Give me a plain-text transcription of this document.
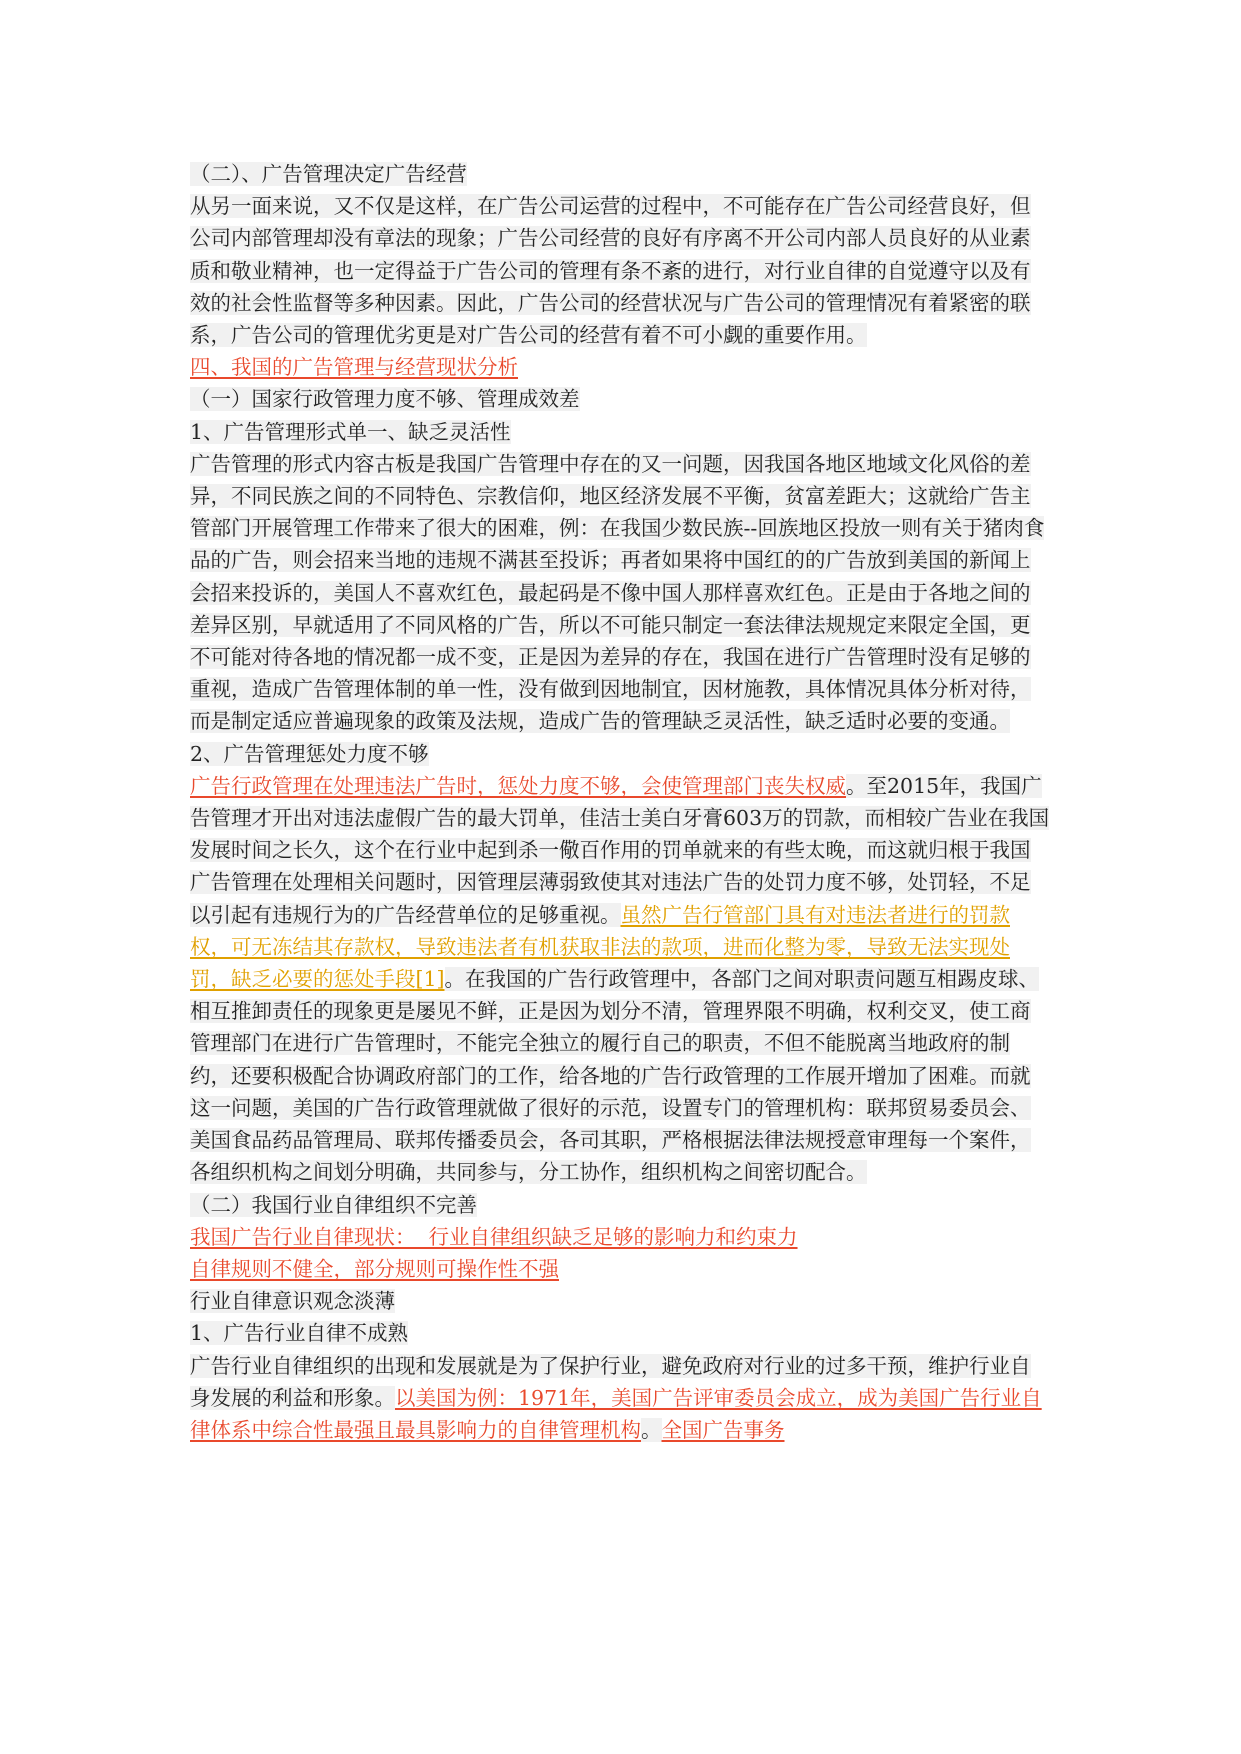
（二）、广告管理决定广告经营

从另一面来说，又不仅是这样，在广告公司运营的过程中，不可能存在广告公司经营良好，但公司内部管理却没有章法的现象；广告公司经营的良好有序离不开公司内部人员良好的从业素质和敬业精神，也一定得益于广告公司的管理有条不紊的进行，对行业自律的自觉遵守以及有效的社会性监督等多种因素。因此，广告公司的经营状况与广告公司的管理情况有着紧密的联系，广告公司的管理优劣更是对广告公司的经营有着不可小觑的重要作用。

四、我国的广告管理与经营现状分析

（一）国家行政管理力度不够、管理成效差

1、广告管理形式单一、缺乏灵活性

广告管理的形式内容古板是我国广告管理中存在的又一问题，因我国各地区地域文化风俗的差异，不同民族之间的不同特色、宗教信仰，地区经济发展不平衡，贫富差距大；这就给广告主管部门开展管理工作带来了很大的困难，例：在我国少数民族--回族地区投放一则有关于猪肉食品的广告，则会招来当地的违规不满甚至投诉；再者如果将中国红的的广告放到美国的新闻上会招来投诉的，美国人不喜欢红色，最起码是不像中国人那样喜欢红色。正是由于各地之间的差异区别，早就适用了不同风格的广告，所以不可能只制定一套法律法规规定来限定全国，更不可能对待各地的情况都一成不变，正是因为差异的存在，我国在进行广告管理时没有足够的重视，造成广告管理体制的单一性，没有做到因地制宜，因材施教，具体情况具体分析对待，而是制定适应普遍现象的政策及法规，造成广告的管理缺乏灵活性，缺乏适时必要的变通。

2、广告管理惩处力度不够

广告行政管理在处理违法广告时，惩处力度不够，会使管理部门丧失权威。至2015年，我国广告管理才开出对违法虚假广告的最大罚单，佳洁士美白牙膏603万的罚款，而相较广告业在我国发展时间之长久，这个在行业中起到杀一儆百作用的罚单就来的有些太晚，而这就归根于我国广告管理在处理相关问题时，因管理层薄弱致使其对违法广告的处罚力度不够，处罚轻，不足以引起有违规行为的广告经营单位的足够重视。虽然广告行管部门具有对违法者进行的罚款权，可无冻结其存款权，导致违法者有机获取非法的款项，进而化整为零，导致无法实现处罚，缺乏必要的惩处手段[1]。在我国的广告行政管理中，各部门之间对职责问题互相踢皮球、相互推卸责任的现象更是屡见不鲜，正是因为划分不清，管理界限不明确，权利交叉，使工商管理部门在进行广告管理时，不能完全独立的履行自己的职责，不但不能脱离当地政府的制约，还要积极配合协调政府部门的工作，给各地的广告行政管理的工作展开增加了困难。而就这一问题，美国的广告行政管理就做了很好的示范，设置专门的管理机构：联邦贸易委员会、美国食品药品管理局、联邦传播委员会，各司其职，严格根据法律法规授意审理每一个案件，各组织机构之间划分明确，共同参与，分工协作，组织机构之间密切配合。

（二）我国行业自律组织不完善

我国广告行业自律现状：  行业自律组织缺乏足够的影响力和约束力

自律规则不健全，部分规则可操作性不强

行业自律意识观念淡薄

1、广告行业自律不成熟

广告行业自律组织的出现和发展就是为了保护行业，避免政府对行业的过多干预，维护行业自身发展的利益和形象。以美国为例：1971年，美国广告评审委员会成立，成为美国广告行业自律体系中综合性最强且最具影响力的自律管理机构。全国广告事务
